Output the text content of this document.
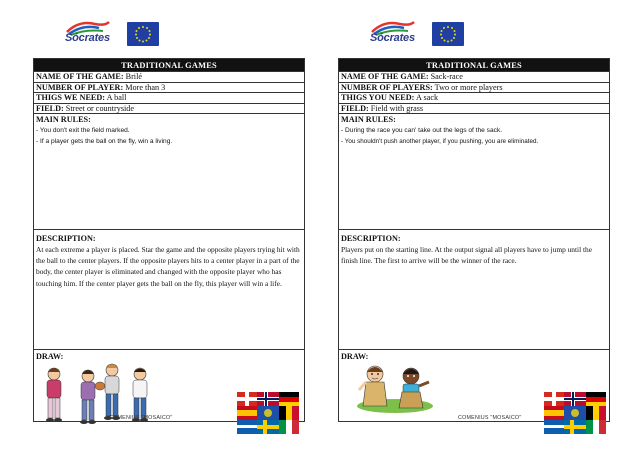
Sócrates
TRADITIONAL GAMES
NAME OF THE GAME: Brilé
NUMBER OF PLAYER: More than 3
THIGS WE NEED: A ball
FIELD: Street or countryside
MAIN RULES:
- You don't exit the field marked.
- If a player gets the ball on the fly, win a living.
DESCRIPTION:
At each extreme a player is placed. Star the game and the opposite players trying hit with the ball to the center players. If the opposite players hits to a center player in a part of the body, the center player is eliminated and changed with the opposite player who has touching him. If the center player gets the ball on the fly, this player will win a life.
DRAW:
COMENIUS "MOSAICO"
Sócrates
TRADITIONAL GAMES
NAME OF THE GAME: Sack-race
NUMBER OF PLAYERS: Two or more players
THIGS YOU NEED: A sack
FIELD: Field with grass
MAIN RULES:
- During the race you can' take out the legs of the sack.
- You shouldn't push another player, if you pushing, you are eliminated.
DESCRIPTION:
Players put on the starting line. At the output signal all players have to jump until the finish line. The first to arrive will be the winner of the race.
DRAW:
COMENIUS "MOSAICO"
